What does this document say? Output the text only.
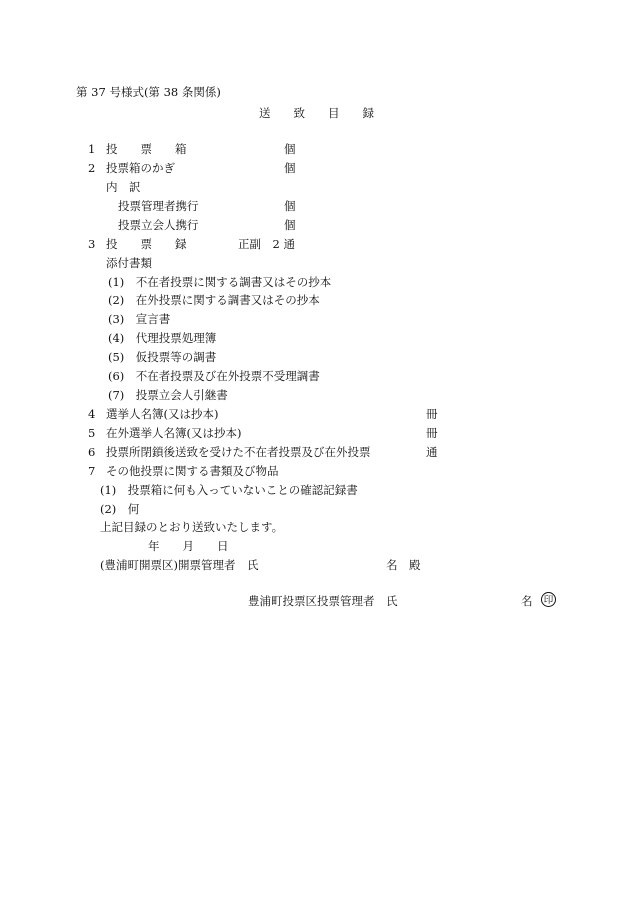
第 37 号様式(第 38 条関係)
送　　致　　目　　録
1 投　　票　　箱	個
2 投票箱のかぎ	個
内　訳
投票管理者携行	個
投票立会人携行	個
3 投　　票　　録	正副　2 通
添付書類
(1)　不在者投票に関する調書又はその抄本
(2)　在外投票に関する調書又はその抄本
(3)　宣言書
(4)　代理投票処理簿
(5)　仮投票等の調書
(6)　不在者投票及び在外投票不受理調書
(7)　投票立会人引継書
4 選挙人名簿(又は抄本)	冊
5 在外選挙人名簿(又は抄本)	冊
6 投票所閉鎖後送致を受けた不在者投票及び在外投票	通
7 その他投票に関する書類及び物品
(1)　投票箱に何も入っていないことの確認記録書
(2)　何
上記目録のとおり送致いたします。
年　　月　　日
(豊浦町開票区)開票管理者　氏	名　殿
豊浦町投票区投票管理者　氏	名 印
